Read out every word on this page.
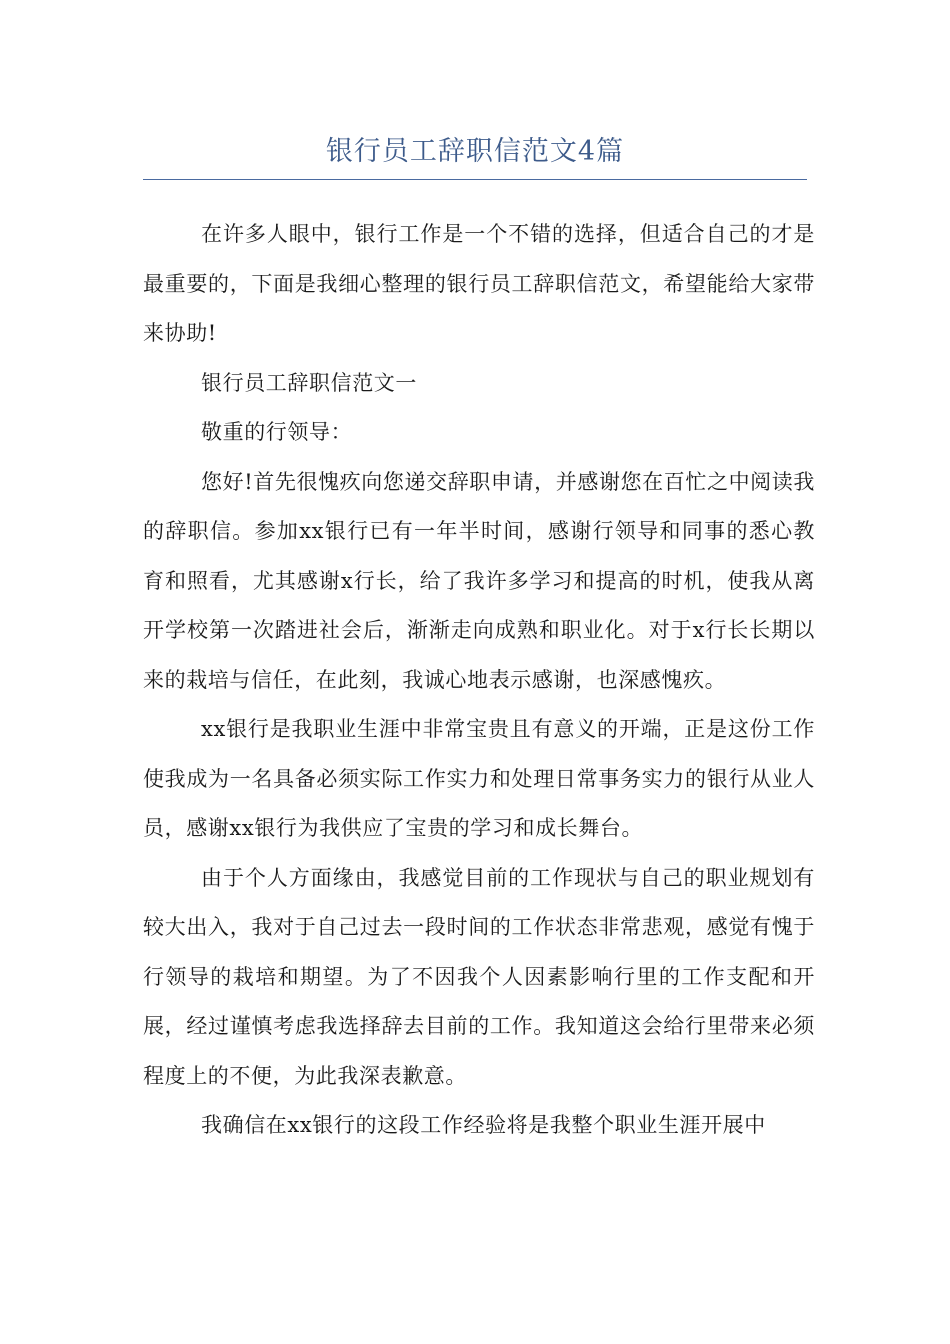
银行员工辞职信范文4篇

在许多人眼中，银行工作是一个不错的选择，但适合自己的才是最重要的，下面是我细心整理的银行员工辞职信范文，希望能给大家带来协助!

银行员工辞职信范文一

敬重的行领导：

您好!首先很愧疚向您递交辞职申请，并感谢您在百忙之中阅读我的辞职信。参加xx银行已有一年半时间，感谢行领导和同事的悉心教育和照看，尤其感谢x行长，给了我许多学习和提高的时机，使我从离开学校第一次踏进社会后，渐渐走向成熟和职业化。对于x行长长期以来的栽培与信任，在此刻，我诚心地表示感谢，也深感愧疚。

xx银行是我职业生涯中非常宝贵且有意义的开端，正是这份工作使我成为一名具备必须实际工作实力和处理日常事务实力的银行从业人员，感谢xx银行为我供应了宝贵的学习和成长舞台。

由于个人方面缘由，我感觉目前的工作现状与自己的职业规划有较大出入，我对于自己过去一段时间的工作状态非常悲观，感觉有愧于行领导的栽培和期望。为了不因我个人因素影响行里的工作支配和开展，经过谨慎考虑我选择辞去目前的工作。我知道这会给行里带来必须程度上的不便，为此我深表歉意。

我确信在xx银行的这段工作经验将是我整个职业生涯开展中
